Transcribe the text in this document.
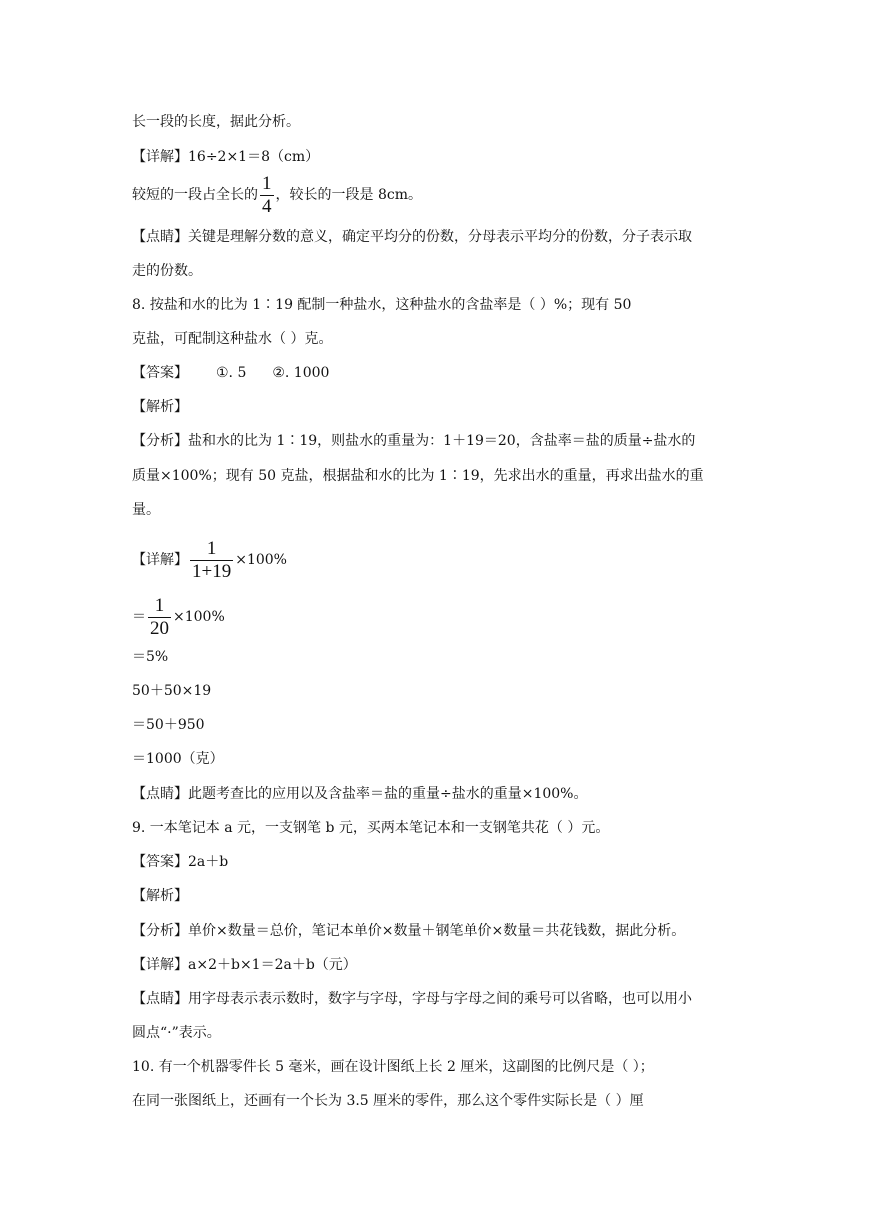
长一段的长度，据此分析。
【详解】16÷2×1＝8（cm）
较短的一段占全长的 $\frac{1}{4}$ ，较长的一段是 8cm。
【点睛】关键是理解分数的意义，确定平均分的份数，分母表示平均分的份数，分子表示取
走的份数。
8. 按盐和水的比为 1∶19 配制一种盐水，这种盐水的含盐率是（ ）%；现有 50
克盐，可配制这种盐水（ ）克。
【答案】 ①. 5 ②. 1000
【解析】
【分析】盐和水的比为 1∶19，则盐水的重量为：1＋19＝20，含盐率＝盐的质量÷盐水的
质量×100%；现有 50 克盐，根据盐和水的比为 1∶19，先求出水的重量，再求出盐水的重
量。
【详解】 $\frac{1}{1+19} \times 100\%$
＝ $\frac{1}{20} \times 100\%$
＝5%
50＋50×19
＝50＋950
＝1000（克）
【点睛】此题考查比的应用以及含盐率＝盐的重量÷盐水的重量×100%。
9. 一本笔记本 a 元，一支钢笔 b 元，买两本笔记本和一支钢笔共花（ ）元。
【答案】2a＋b
【解析】
【分析】单价×数量＝总价，笔记本单价×数量＋钢笔单价×数量＝共花钱数，据此分析。
【详解】a×2＋b×1＝2a＋b（元）
【点睛】用字母表示表示数时，数字与字母，字母与字母之间的乘号可以省略，也可以用小
圆点“·”表示。
10. 有一个机器零件长 5 毫米，画在设计图纸上长 2 厘米，这副图的比例尺是（ ）；
在同一张图纸上，还画有一个长为 3.5 厘米的零件，那么这个零件实际长是（ ）厘
